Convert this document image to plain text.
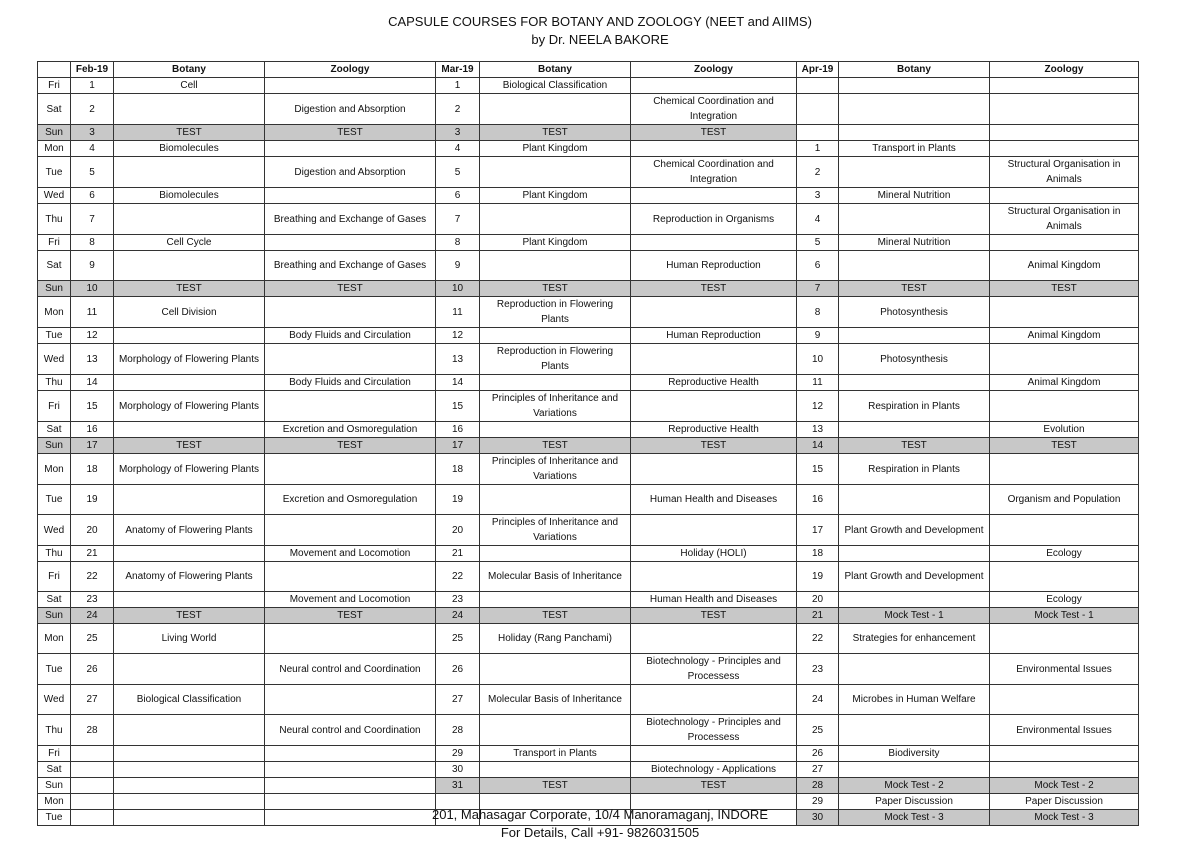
CAPSULE COURSES FOR BOTANY AND ZOOLOGY (NEET and AIIMS)
by Dr. NEELA BAKORE
	Feb-19	Botany	Zoology	Mar-19	Botany	Zoology	Apr-19	Botany	Zoology
Fri	1	Cell		1	Biological Classification				
Sat	2		Digestion and Absorption	2		Chemical Coordination and Integration			
Sun	3	TEST	TEST	3	TEST	TEST			
Mon	4	Biomolecules		4	Plant Kingdom		1	Transport in Plants	
Tue	5		Digestion and Absorption	5		Chemical Coordination and Integration	2		Structural Organisation in Animals
Wed	6	Biomolecules		6	Plant Kingdom		3	Mineral Nutrition	
Thu	7		Breathing and Exchange of Gases	7		Reproduction in Organisms	4		Structural Organisation in Animals
Fri	8	Cell Cycle		8	Plant Kingdom		5	Mineral Nutrition	
Sat	9		Breathing and Exchange of Gases	9		Human Reproduction	6		Animal Kingdom
Sun	10	TEST	TEST	10	TEST	TEST	7	TEST	TEST
Mon	11	Cell Division		11	Reproduction in Flowering Plants		8	Photosynthesis	
Tue	12		Body Fluids and Circulation	12		Human Reproduction	9		Animal Kingdom
Wed	13	Morphology of Flowering Plants		13	Reproduction in Flowering Plants		10	Photosynthesis	
Thu	14		Body Fluids and Circulation	14		Reproductive Health	11		Animal Kingdom
Fri	15	Morphology of Flowering Plants		15	Principles of Inheritance and Variations		12	Respiration in Plants	
Sat	16		Excretion and Osmoregulation	16		Reproductive Health	13		Evolution
Sun	17	TEST	TEST	17	TEST	TEST	14	TEST	TEST
Mon	18	Morphology of Flowering Plants		18	Principles of Inheritance and Variations		15	Respiration in Plants	
Tue	19		Excretion and Osmoregulation	19		Human Health and Diseases	16		Organism and Population
Wed	20	Anatomy of Flowering Plants		20	Principles of Inheritance and Variations		17	Plant Growth and Development	
Thu	21		Movement and Locomotion	21		Holiday (HOLI)	18		Ecology
Fri	22	Anatomy of Flowering Plants		22	Molecular Basis of Inheritance		19	Plant Growth and Development	
Sat	23		Movement and Locomotion	23		Human Health and Diseases	20		Ecology
Sun	24	TEST	TEST	24	TEST	TEST	21	Mock Test - 1	Mock Test - 1
Mon	25	Living World		25	Holiday (Rang Panchami)		22	Strategies for enhancement	
Tue	26		Neural control and Coordination	26		Biotechnology - Principles and Processess	23		Environmental Issues
Wed	27	Biological Classification		27	Molecular Basis of Inheritance		24	Microbes in Human Welfare	
Thu	28		Neural control and Coordination	28		Biotechnology - Principles and Processess	25		Environmental Issues
Fri				29	Transport in Plants		26	Biodiversity	
Sat				30		Biotechnology - Applications	27		
Sun				31	TEST	TEST	28	Mock Test - 2	Mock Test - 2
Mon							29	Paper Discussion	Paper Discussion
Tue							30	Mock Test - 3	Mock Test - 3
201, Mahasagar Corporate, 10/4 Manoramaganj, INDORE
For Details, Call +91- 9826031505
